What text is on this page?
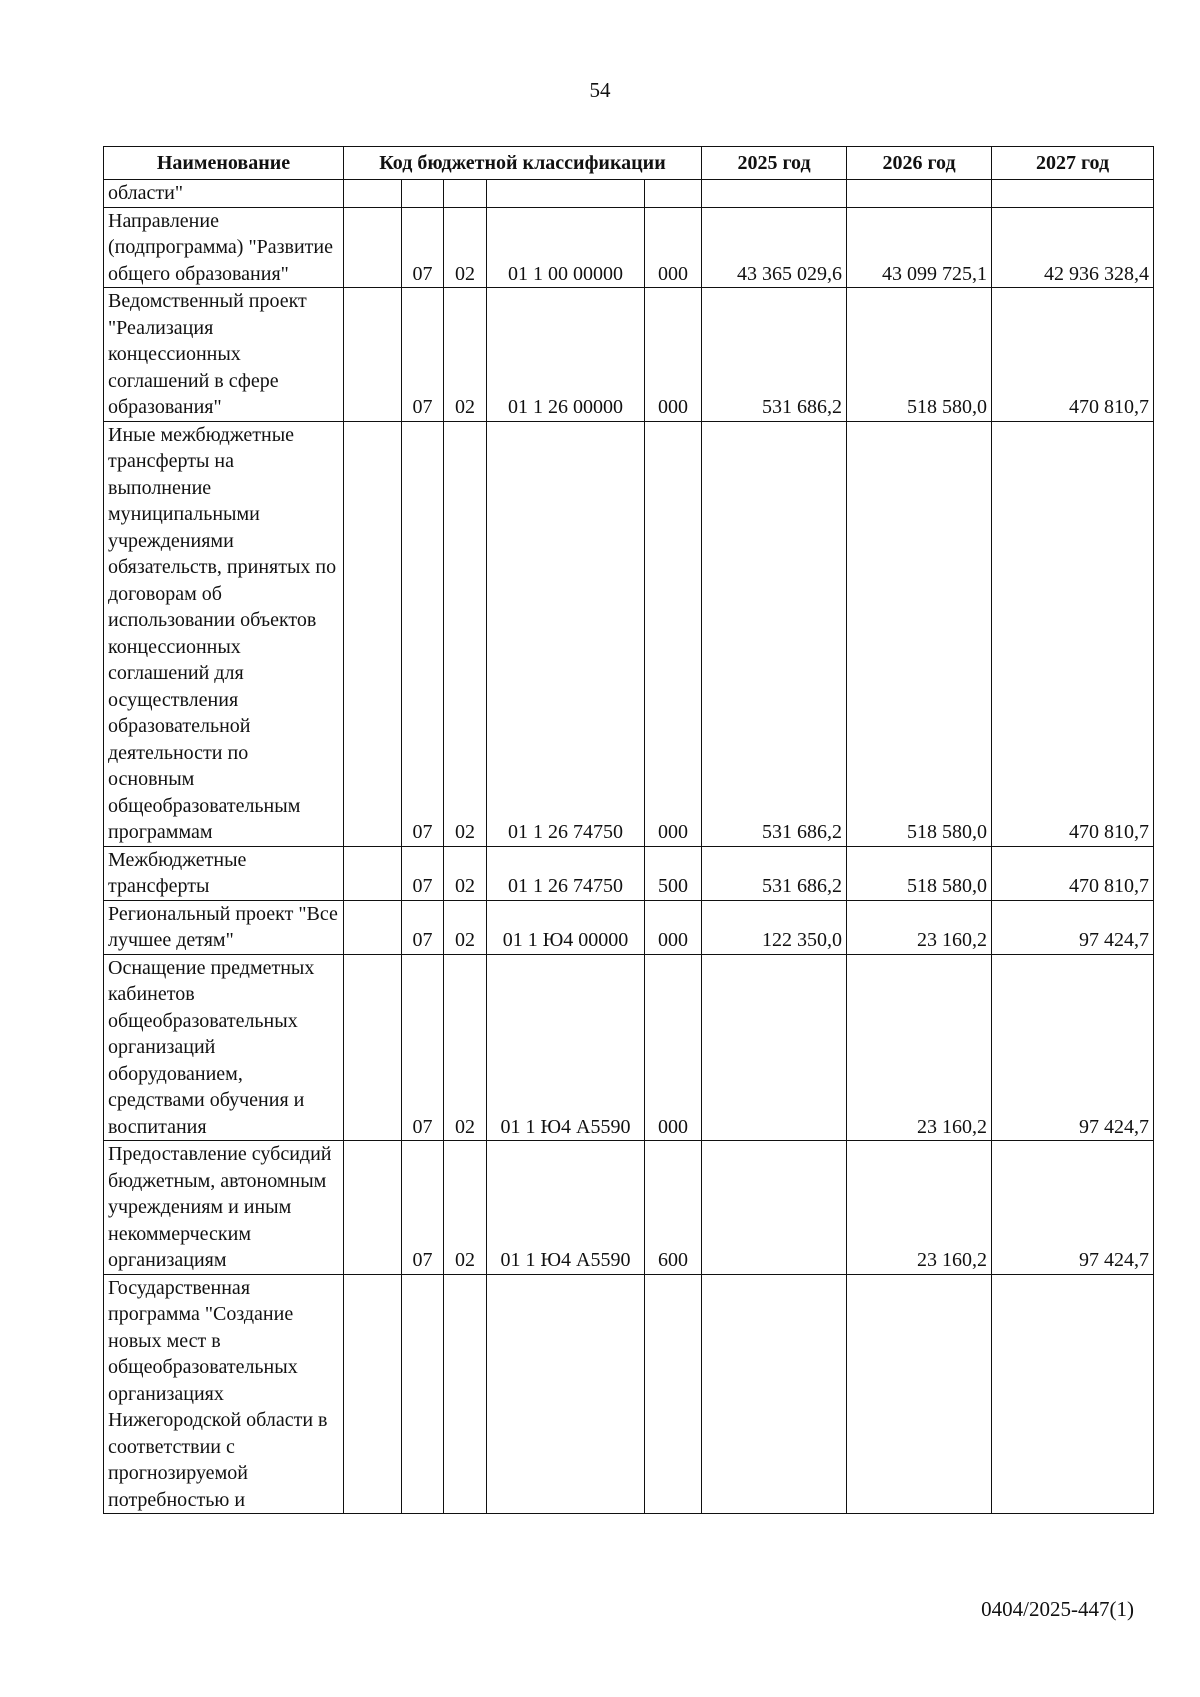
54
Наименование	Код бюджетной классификации					2025 год	2026 год	2027 год
области"								
Направление (подпрограмма) "Развитие общего образования"		07	02	01 1 00 00000	000	43 365 029,6	43 099 725,1	42 936 328,4
Ведомственный проект "Реализация концессионных соглашений в сфере образования"		07	02	01 1 26 00000	000	531 686,2	518 580,0	470 810,7
Иные межбюджетные трансферты на выполнение муниципальными учреждениями обязательств, принятых по договорам об использовании объектов концессионных соглашений для осуществления образовательной деятельности по основным общеобразовательным программам		07	02	01 1 26 74750	000	531 686,2	518 580,0	470 810,7
Межбюджетные трансферты		07	02	01 1 26 74750	500	531 686,2	518 580,0	470 810,7
Региональный проект "Все лучшее детям"		07	02	01 1 Ю4 00000	000	122 350,0	23 160,2	97 424,7
Оснащение предметных кабинетов общеобразовательных организаций оборудованием, средствами обучения и воспитания		07	02	01 1 Ю4 А5590	000		23 160,2	97 424,7
Предоставление субсидий бюджетным, автономным учреждениям и иным некоммерческим организациям		07	02	01 1 Ю4 А5590	600		23 160,2	97 424,7
Государственная программа "Создание новых мест в общеобразовательных организациях Нижегородской области в соответствии с прогнозируемой потребностью и								
0404/2025-447(1)
